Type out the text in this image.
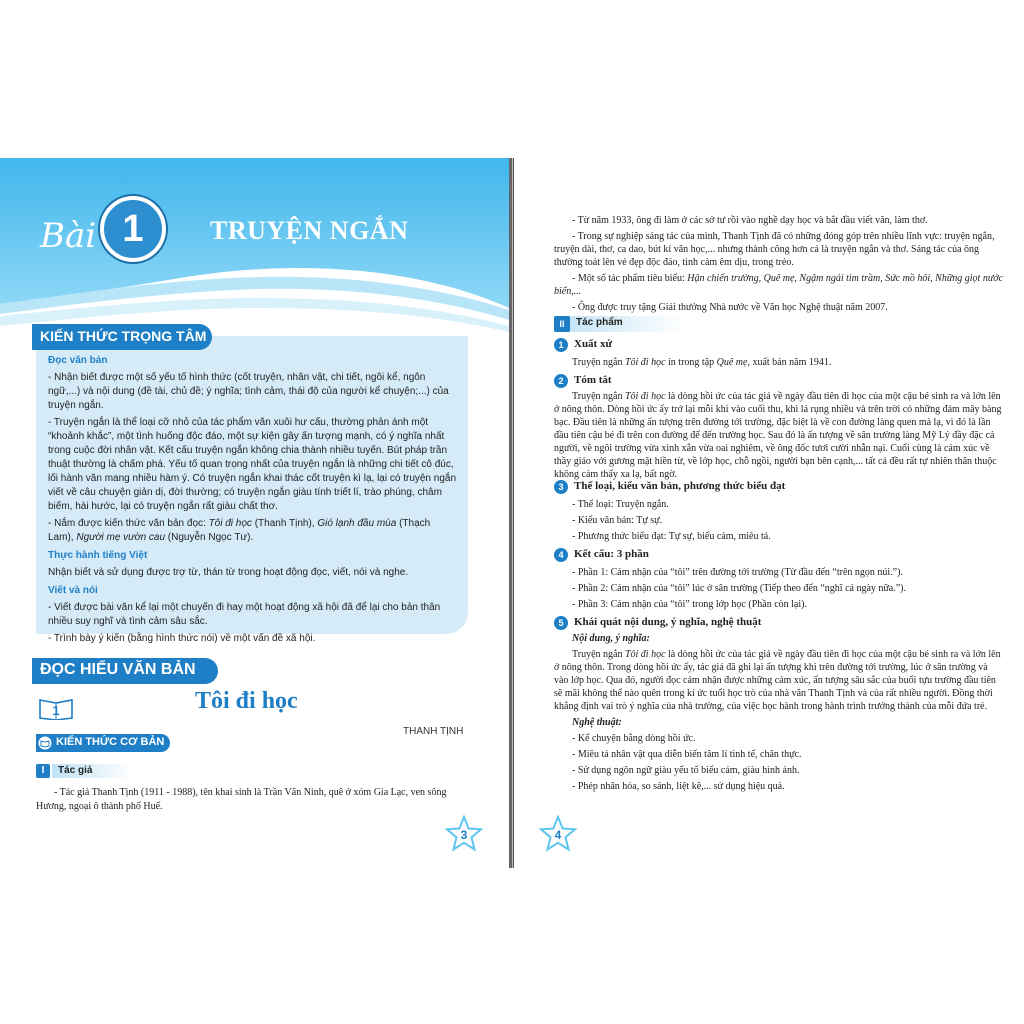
Bài 1	TRUYỆN NGẮN

Đọc văn bản

- Nhận biết được một số yếu tố hình thức (cốt truyện, nhân vật, chi tiết, ngôi kể, ngôn ngữ,...) và nội dung (đề tài, chủ đề; ý nghĩa; tình cảm, thái độ của người kể chuyện;...) của truyện ngắn.

- Truyện ngắn là thể loại cỡ nhỏ của tác phẩm văn xuôi hư cấu, thường phản ánh một “khoảnh khắc”, một tình huống độc đáo, một sự kiện gây ấn tượng mạnh, có ý nghĩa nhất trong cuộc đời nhân vật. Kết cấu truyện ngắn không chia thành nhiều tuyến. Bút pháp trần thuật thường là chấm phá. Yếu tố quan trọng nhất của truyện ngắn là những chi tiết cô đúc, lối hành văn mang nhiều hàm ý. Có truyện ngắn khai thác cốt truyện kì lạ, lại có truyện ngắn viết về câu chuyện giản dị, đời thường; có truyện ngắn giàu tính triết lí, trào phúng, châm biếm, hài hước, lại có truyện ngắn rất giàu chất thơ.

- Nắm được kiến thức văn bản đọc: Tôi đi học (Thanh Tịnh), Gió lạnh đầu mùa (Thạch Lam), Người mẹ vườn cau (Nguyễn Ngọc Tư).

Thực hành tiếng Việt

Nhận biết và sử dụng được trợ từ, thán từ trong hoạt động đọc, viết, nói và nghe.

Viết và nói

- Viết được bài văn kể lại một chuyến đi hay một hoạt động xã hội đã để lại cho bản thân nhiều suy nghĩ và tình cảm sâu sắc.

- Trình bày ý kiến (bằng hình thức nói) về một vấn đề xã hội.

KIẾN THỨC TRỌNG TÂM
ĐỌC HIỂU VĂN BẢN
1	Tôi đi học
THANH TỊNH
KIẾN THỨC CƠ BẢN
I	Tác giả
- Tác giả Thanh Tịnh (1911 - 1988), tên khai sinh là Trần Văn Ninh, quê ở xóm Gia Lạc, ven sông Hương, ngoại ô thành phố Huế.
3

- Từ năm 1933, ông đi làm ở các sở tư rồi vào nghề dạy học và bắt đầu viết văn, làm thơ.

- Trong sự nghiệp sáng tác của mình, Thanh Tịnh đã có những đóng góp trên nhiều lĩnh vực: truyện ngắn, truyện dài, thơ, ca dao, bút kí văn học,... nhưng thành công hơn cả là truyện ngắn và thơ. Sáng tác của ông thường toát lên vẻ đẹp độc đáo, tình cảm êm dịu, trong trẻo.

- Một số tác phẩm tiêu biểu: Hận chiến trường, Quê mẹ, Ngậm ngải tìm trầm, Sức mồ hôi, Những giọt nước biển,...

- Ông được truy tặng Giải thưởng Nhà nước về Văn học Nghệ thuật năm 2007.

II	Tác phẩm
1 Xuất xứ

Truyện ngắn Tôi đi học in trong tập Quê mẹ, xuất bản năm 1941.

2 Tóm tắt

Truyện ngắn Tôi đi học là dòng hồi ức của tác giả về ngày đầu tiên đi học của một cậu bé sinh ra và lớn lên ở nông thôn. Dòng hồi ức ấy trở lại mỗi khi vào cuối thu, khi lá rụng nhiều và trên trời có những đám mây bàng bạc. Đầu tiên là những ấn tượng trên đường tới trường, đặc biệt là về con đường làng quen mà lạ, vì đó là lần đầu tiên cậu bé đi trên con đường để đến trường học. Sau đó là ấn tượng về sân trường làng Mỹ Lý đầy đặc cả người, về ngôi trường vừa xinh xắn vừa oai nghiêm, về ông đốc tươi cười nhẫn nại. Cuối cùng là cảm xúc về thầy giáo với gương mặt hiền từ, về lớp học, chỗ ngồi, người bạn bên cạnh,... tất cả đều rất tự nhiên thân thuộc không cảm thấy xa lạ, bất ngờ.

3 Thể loại, kiểu văn bản, phương thức biểu đạt

- Thể loại: Truyện ngắn.

- Kiểu văn bản: Tự sự.

- Phương thức biểu đạt: Tự sự, biểu cảm, miêu tả.

4 Kết cấu: 3 phần

- Phần 1: Cảm nhận của “tôi” trên đường tới trường (Từ đầu đến “trên ngọn núi.”).

- Phần 2: Cảm nhận của “tôi” lúc ở sân trường (Tiếp theo đến “nghĩ cả ngày nữa.”).

- Phần 3: Cảm nhận của “tôi” trong lớp học (Phần còn lại).

5 Khái quát nội dung, ý nghĩa, nghệ thuật

Nội dung, ý nghĩa:

Truyện ngắn Tôi đi học là dòng hồi ức của tác giả về ngày đầu tiên đi học của một cậu bé sinh ra và lớn lên ở nông thôn. Trong dòng hồi ức ấy, tác giả đã ghi lại ấn tượng khi trên đường tới trường, lúc ở sân trường và vào lớp học. Qua đó, người đọc cảm nhận được những cảm xúc, ấn tượng sâu sắc của buổi tựu trường đầu tiên sẽ mãi không thể nào quên trong kí ức tuổi học trò của nhà văn Thanh Tịnh và của rất nhiều người. Đồng thời khẳng định vai trò ý nghĩa của nhà trường, của việc học hành trong hành trình trưởng thành của mỗi đứa trẻ.

Nghệ thuật:

- Kể chuyện bằng dòng hồi ức.

- Miêu tả nhân vật qua diễn biến tâm lí tinh tế, chân thực.

- Sử dụng ngôn ngữ giàu yếu tố biểu cảm, giàu hình ảnh.

- Phép nhân hóa, so sánh, liệt kê,... sử dụng hiệu quả.

4
